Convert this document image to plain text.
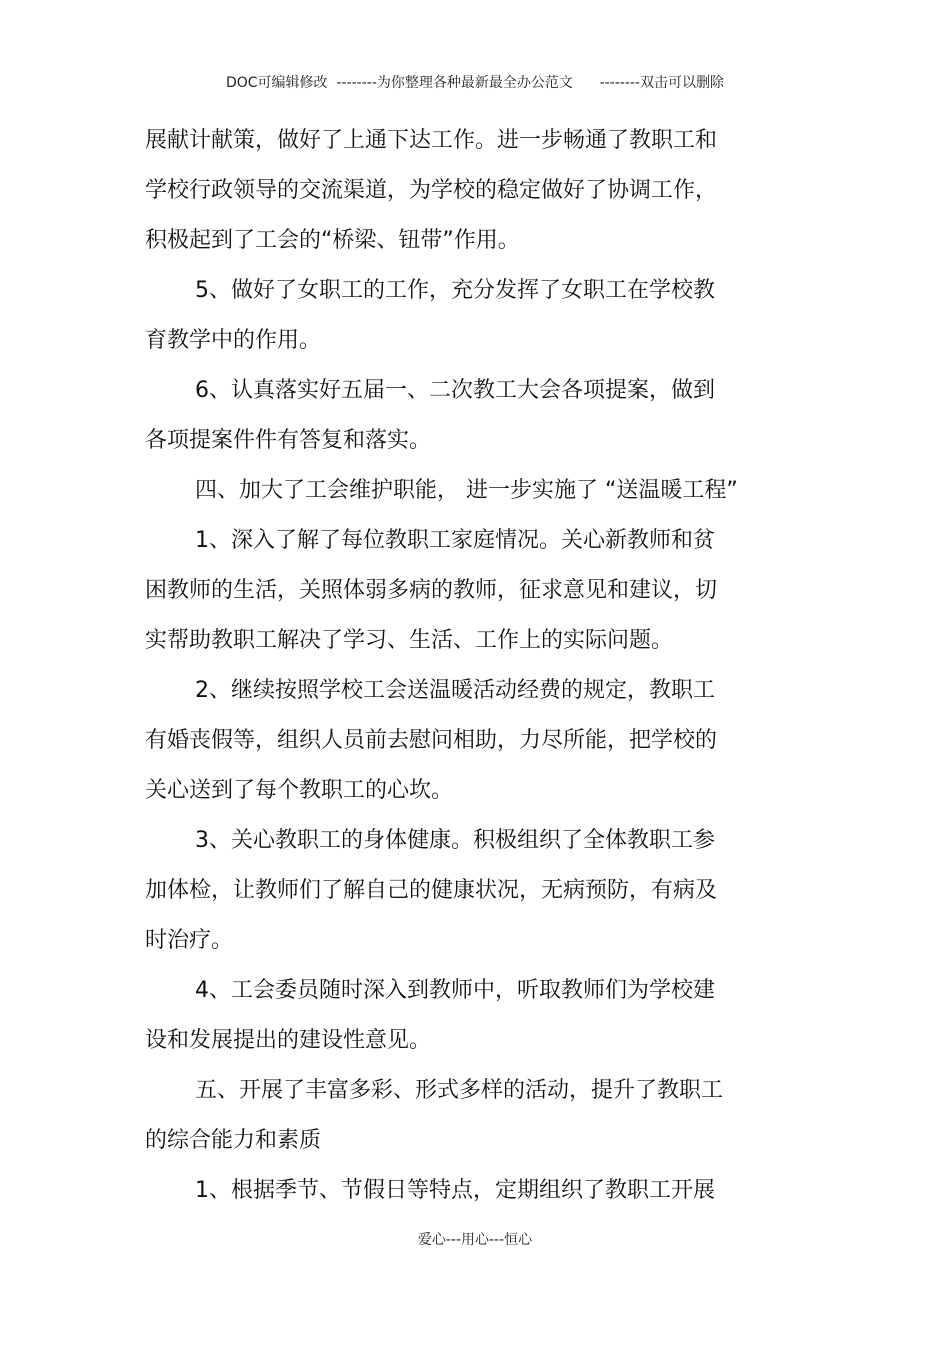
DOC可编辑修改  --------为你整理各种最新最全办公范文      --------双击可以删除
展献计献策，做好了上通下达工作。进一步畅通了教职工和
学校行政领导的交流渠道，为学校的稳定做好了协调工作，
积极起到了工会的“桥梁、钮带”作用。
5、做好了女职工的工作，充分发挥了女职工在学校教
育教学中的作用。
6、认真落实好五届一、二次教工大会各项提案，做到
各项提案件件有答复和落实。
四、加大了工会维护职能， 进一步实施了 “送温暖工程”
1、深入了解了每位教职工家庭情况。关心新教师和贫
困教师的生活，关照体弱多病的教师，征求意见和建议，切
实帮助教职工解决了学习、生活、工作上的实际问题。
2、继续按照学校工会送温暖活动经费的规定，教职工
有婚丧假等，组织人员前去慰问相助，力尽所能，把学校的
关心送到了每个教职工的心坎。
3、关心教职工的身体健康。积极组织了全体教职工参
加体检，让教师们了解自己的健康状况，无病预防，有病及
时治疗。
4、工会委员随时深入到教师中，听取教师们为学校建
设和发展提出的建设性意见。
五、开展了丰富多彩、形式多样的活动，提升了教职工
的综合能力和素质
1、根据季节、节假日等特点，定期组织了教职工开展
爱心---用心---恒心
